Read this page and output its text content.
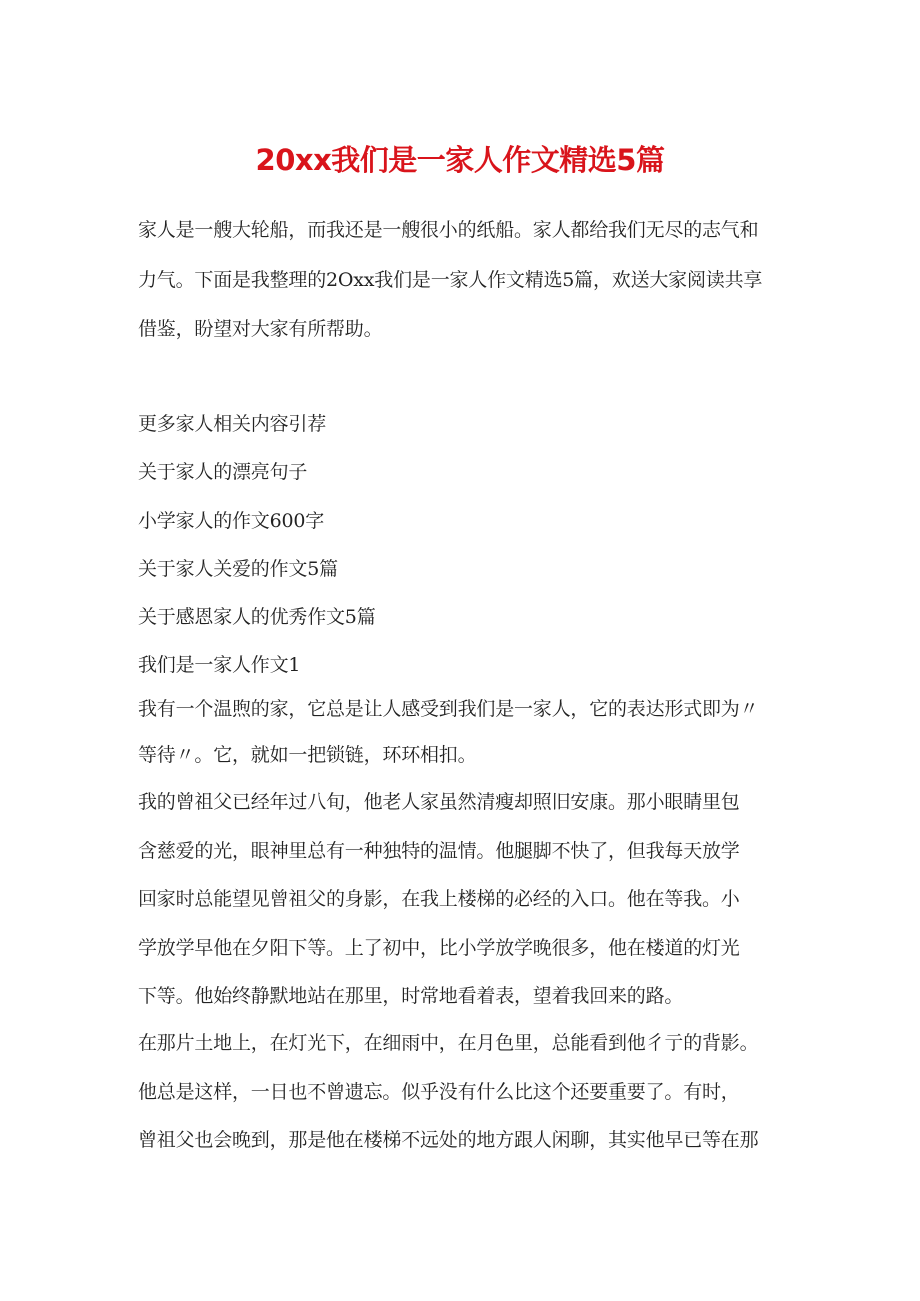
20xx我们是一家人作文精选5篇
家人是一艘大轮船，而我还是一艘很小的纸船。家人都给我们无尽的志气和
力气。下面是我整理的2Oxx我们是一家人作文精选5篇，欢送大家阅读共享
借鉴，盼望对大家有所帮助。
更多家人相关内容引荐
关于家人的漂亮句子
小学家人的作文600字
关于家人关爱的作文5篇
关于感恩家人的优秀作文5篇
我们是一家人作文1
我有一个温煦的家，它总是让人感受到我们是一家人，它的表达形式即为〃
等待〃。它，就如一把锁链，环环相扣。
我的曾祖父已经年过八旬，他老人家虽然清瘦却照旧安康。那小眼睛里包
含慈爱的光，眼神里总有一种独特的温情。他腿脚不快了，但我每天放学
回家时总能望见曾祖父的身影，在我上楼梯的必经的入口。他在等我。小
学放学早他在夕阳下等。上了初中，比小学放学晚很多，他在楼道的灯光
下等。他始终静默地站在那里，时常地看着表，望着我回来的路。
在那片土地上，在灯光下，在细雨中，在月色里，总能看到他彳亍的背影。
他总是这样，一日也不曾遗忘。似乎没有什么比这个还要重要了。有时，
曾祖父也会晚到，那是他在楼梯不远处的地方跟人闲聊，其实他早已等在那
